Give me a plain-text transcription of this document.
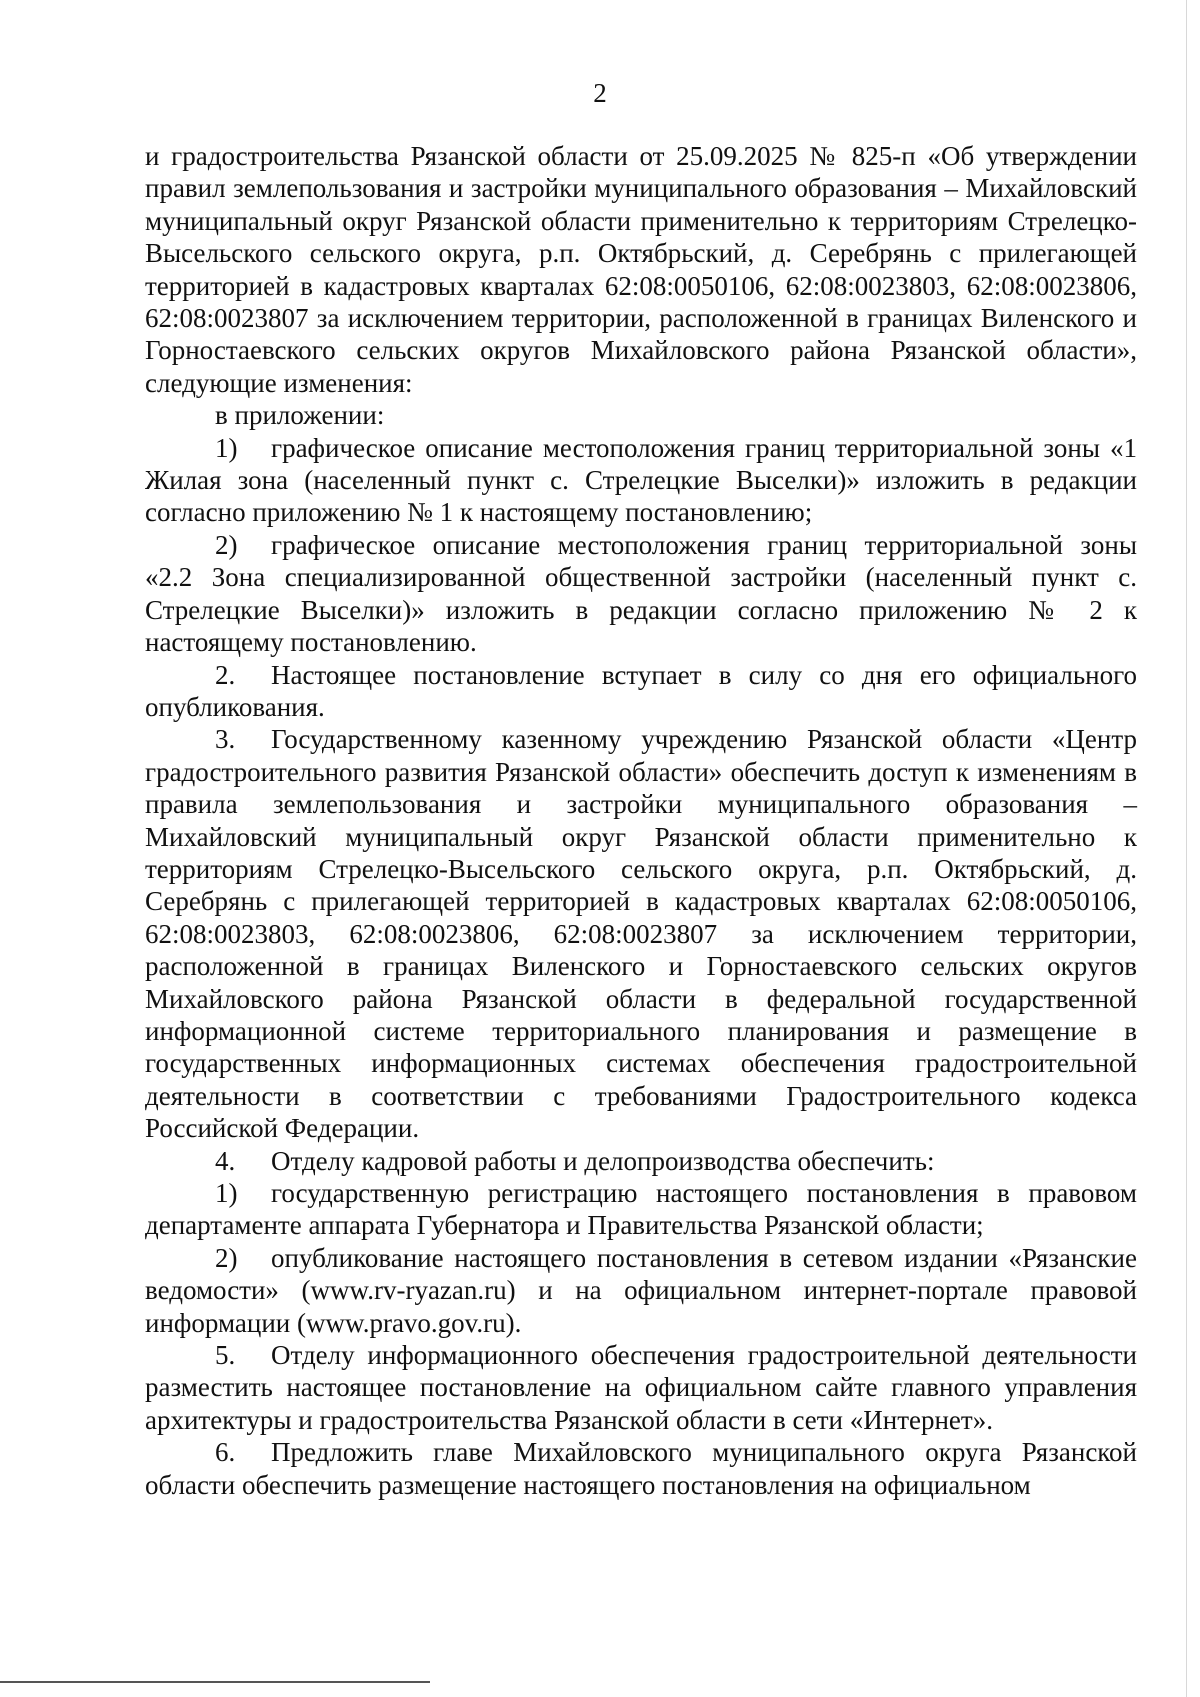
2

и градостроительства Рязанской области от 25.09.2025 № 825-п «Об утверждении правил землепользования и застройки муниципального образования – Михайловский муниципальный округ Рязанской области применительно к территориям Стрелецко-Высельского сельского округа, р.п. Октябрьский, д. Серебрянь с прилегающей территорией в кадастровых кварталах 62:08:0050106, 62:08:0023803, 62:08:0023806, 62:08:0023807 за исключением территории, расположенной в границах Виленского и Горностаевского сельских округов Михайловского района Рязанской области», следующие изменения:

в приложении:

1) графическое описание местоположения границ территориальной зоны «1 Жилая зона (населенный пункт с. Стрелецкие Выселки)» изложить в редакции согласно приложению № 1 к настоящему постановлению;

2) графическое описание местоположения границ территориальной зоны «2.2 Зона специализированной общественной застройки (населенный пункт с. Стрелецкие Выселки)» изложить в редакции согласно приложению № 2 к настоящему постановлению.

2. Настоящее постановление вступает в силу со дня его официального опубликования.

3. Государственному казенному учреждению Рязанской области «Центр градостроительного развития Рязанской области» обеспечить доступ к изменениям в правила землепользования и застройки муниципального образования – Михайловский муниципальный округ Рязанской области применительно к территориям Стрелецко-Высельского сельского округа, р.п. Октябрьский, д. Серебрянь с прилегающей территорией в кадастровых кварталах 62:08:0050106, 62:08:0023803, 62:08:0023806, 62:08:0023807 за исключением территории, расположенной в границах Виленского и Горностаевского сельских округов Михайловского района Рязанской области в федеральной государственной информационной системе территориального планирования и размещение в государственных информационных системах обеспечения градостроительной деятельности в соответствии с требованиями Градостроительного кодекса Российской Федерации.

4. Отделу кадровой работы и делопроизводства обеспечить:

1) государственную регистрацию настоящего постановления в правовом департаменте аппарата Губернатора и Правительства Рязанской области;

2) опубликование настоящего постановления в сетевом издании «Рязанские ведомости» (www.rv-ryazan.ru) и на официальном интернет-портале правовой информации (www.pravo.gov.ru).

5. Отделу информационного обеспечения градостроительной деятельности разместить настоящее постановление на официальном сайте главного управления архитектуры и градостроительства Рязанской области в сети «Интернет».

6. Предложить главе Михайловского муниципального округа Рязанской области обеспечить размещение настоящего постановления на официальном
